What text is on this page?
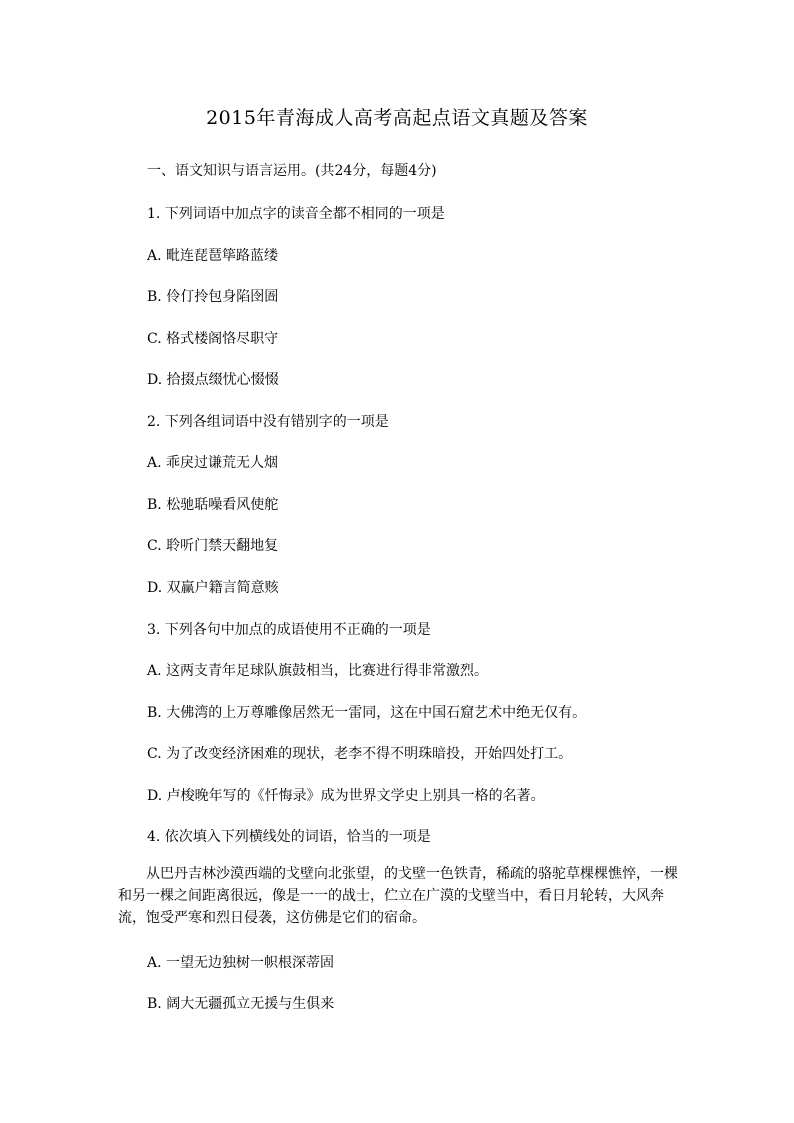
2015年青海成人高考高起点语文真题及答案
一、语文知识与语言运用。(共24分，每题4分)
1. 下列词语中加点字的读音全都不相同的一项是
A. 毗连琵琶筚路蓝缕
B. 伶仃拎包身陷囹圄
C. 格式楼阁恪尽职守
D. 拾掇点缀忧心惙惙
2. 下列各组词语中没有错别字的一项是
A. 乖戾过谦荒无人烟
B. 松驰聒噪看风使舵
C. 聆听门禁天翻地复
D. 双赢户籍言简意赅
3. 下列各句中加点的成语使用不正确的一项是
A. 这两支青年足球队旗鼓相当，比赛进行得非常激烈。
B. 大佛湾的上万尊雕像居然无一雷同，这在中国石窟艺术中绝无仅有。
C. 为了改变经济困难的现状，老李不得不明珠暗投，开始四处打工。
D. 卢梭晚年写的《忏悔录》成为世界文学史上别具一格的名著。
4. 依次填入下列横线处的词语，恰当的一项是
从巴丹吉林沙漠西端的戈壁向北张望，的戈壁一色铁青，稀疏的骆驼草棵棵憔悴，一棵和另一棵之间距离很远，像是一一的战士，伫立在广漠的戈壁当中，看日月轮转，大风奔流，饱受严寒和烈日侵袭，这仿佛是它们的宿命。
A. 一望无边独树一帜根深蒂固
B. 阔大无疆孤立无援与生俱来
